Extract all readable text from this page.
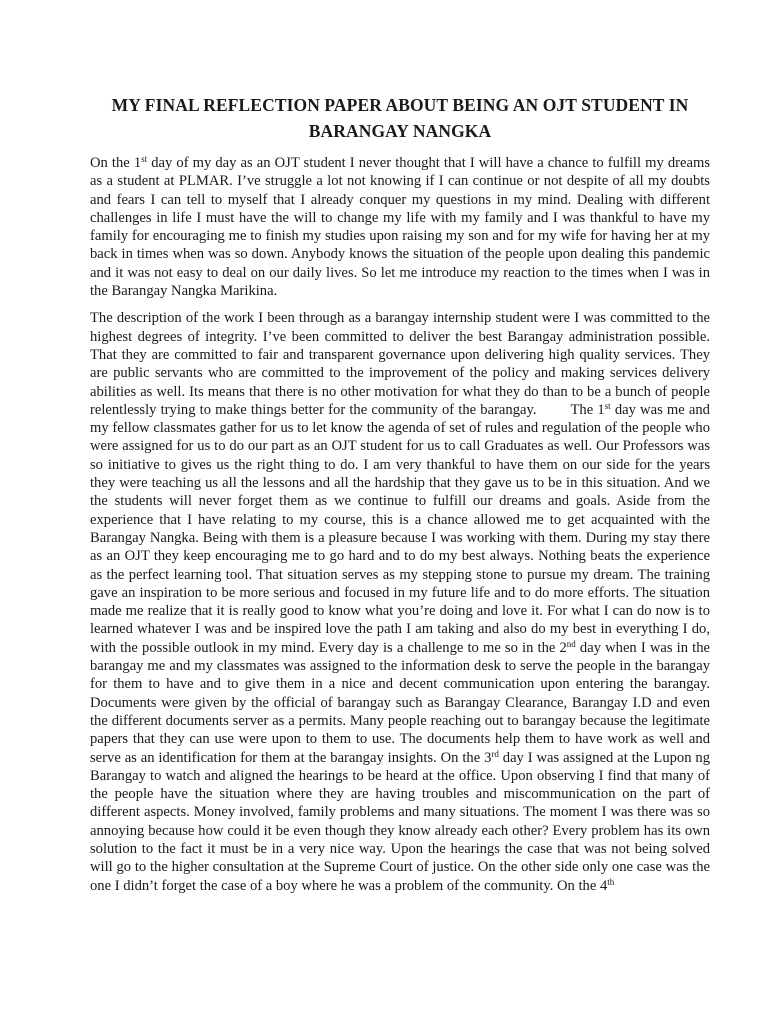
MY FINAL REFLECTION PAPER ABOUT BEING AN OJT STUDENT IN
BARANGAY NANGKA

On the 1st day of my day as an OJT student I never thought that I will have a chance to fulfill my dreams as a student at PLMAR. I’ve struggle a lot not knowing if I can continue or not despite of all my doubts and fears I can tell to myself that I already conquer my questions in my mind. Dealing with different challenges in life I must have the will to change my life with my family and I was thankful to have my family for encouraging me to finish my studies upon raising my son and for my wife for having her at my back in times when was so down. Anybody knows the situation of the people upon dealing this pandemic and it was not easy to deal on our daily lives. So let me introduce my reaction to the times when I was in the Barangay Nangka Marikina.

The description of the work I been through as a barangay internship student were I was committed to the highest degrees of integrity. I’ve been committed to deliver the best Barangay administration possible. That they are committed to fair and transparent governance upon delivering high quality services. They are public servants who are committed to the improvement of the policy and making services delivery abilities as well. Its means that there is no other motivation for what they do than to be a bunch of people relentlessly trying to make things better for the community of the barangay. The 1st day was me and my fellow classmates gather for us to let know the agenda of set of rules and regulation of the people who were assigned for us to do our part as an OJT student for us to call Graduates as well. Our Professors was so initiative to gives us the right thing to do. I am very thankful to have them on our side for the years they were teaching us all the lessons and all the hardship that they gave us to be in this situation. And we the students will never forget them as we continue to fulfill our dreams and goals. Aside from the experience that I have relating to my course, this is a chance allowed me to get acquainted with the Barangay Nangka. Being with them is a pleasure because I was working with them. During my stay there as an OJT they keep encouraging me to go hard and to do my best always. Nothing beats the experience as the perfect learning tool. That situation serves as my stepping stone to pursue my dream. The training gave an inspiration to be more serious and focused in my future life and to do more efforts. The situation made me realize that it is really good to know what you’re doing and love it. For what I can do now is to learned whatever I was and be inspired love the path I am taking and also do my best in everything I do, with the possible outlook in my mind. Every day is a challenge to me so in the 2nd day when I was in the barangay me and my classmates was assigned to the information desk to serve the people in the barangay for them to have and to give them in a nice and decent communication upon entering the barangay. Documents were given by the official of barangay such as Barangay Clearance, Barangay I.D and even the different documents server as a permits. Many people reaching out to barangay because the legitimate papers that they can use were upon to them to use. The documents help them to have work as well and serve as an identification for them at the barangay insights. On the 3rd day I was assigned at the Lupon ng Barangay to watch and aligned the hearings to be heard at the office. Upon observing I find that many of the people have the situation where they are having troubles and miscommunication on the part of different aspects. Money involved, family problems and many situations. The moment I was there was so annoying because how could it be even though they know already each other? Every problem has its own solution to the fact it must be in a very nice way. Upon the hearings the case that was not being solved will go to the higher consultation at the Supreme Court of justice. On the other side only one case was the one I didn’t forget the case of a boy where he was a problem of the community. On the 4th
